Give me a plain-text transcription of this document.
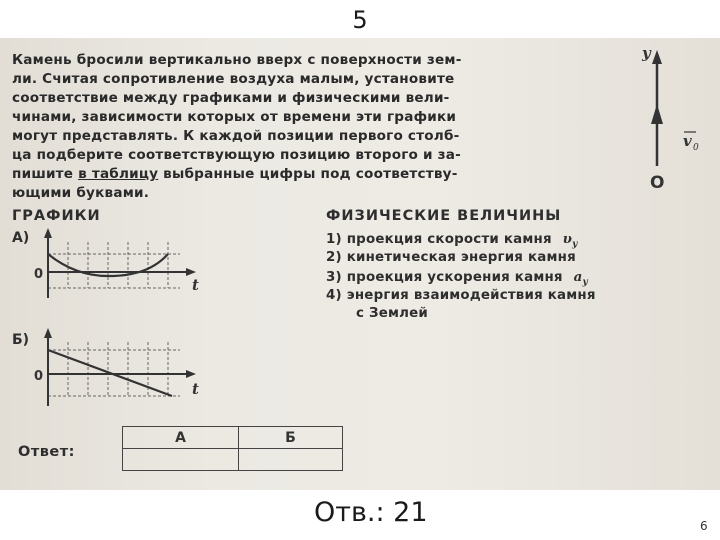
5
Камень бросили вертикально вверх с поверхности зем-
ли. Считая сопротивление воздуха малым, установите
соответствие между графиками и физическими вели-
чинами, зависимости которых от времени эти графики
могут представлять. К каждой позиции первого столб-
ца подберите соответствующую позицию второго и за-
пишите в таблицу выбранные цифры под соответству-
ющими буквами.
y
v 0
O
ГРАФИКИ
А)
0
t
Б)
0
t
ФИЗИЧЕСКИЕ ВЕЛИЧИНЫ
1) проекция скорости камня $\upsilon_y$
2) кинетическая энергия камня
3) проекция ускорения камня $a_y$
4) энергия взаимодействия камня
с Землей
Ответ:
А	Б

Отв.: 21	6
